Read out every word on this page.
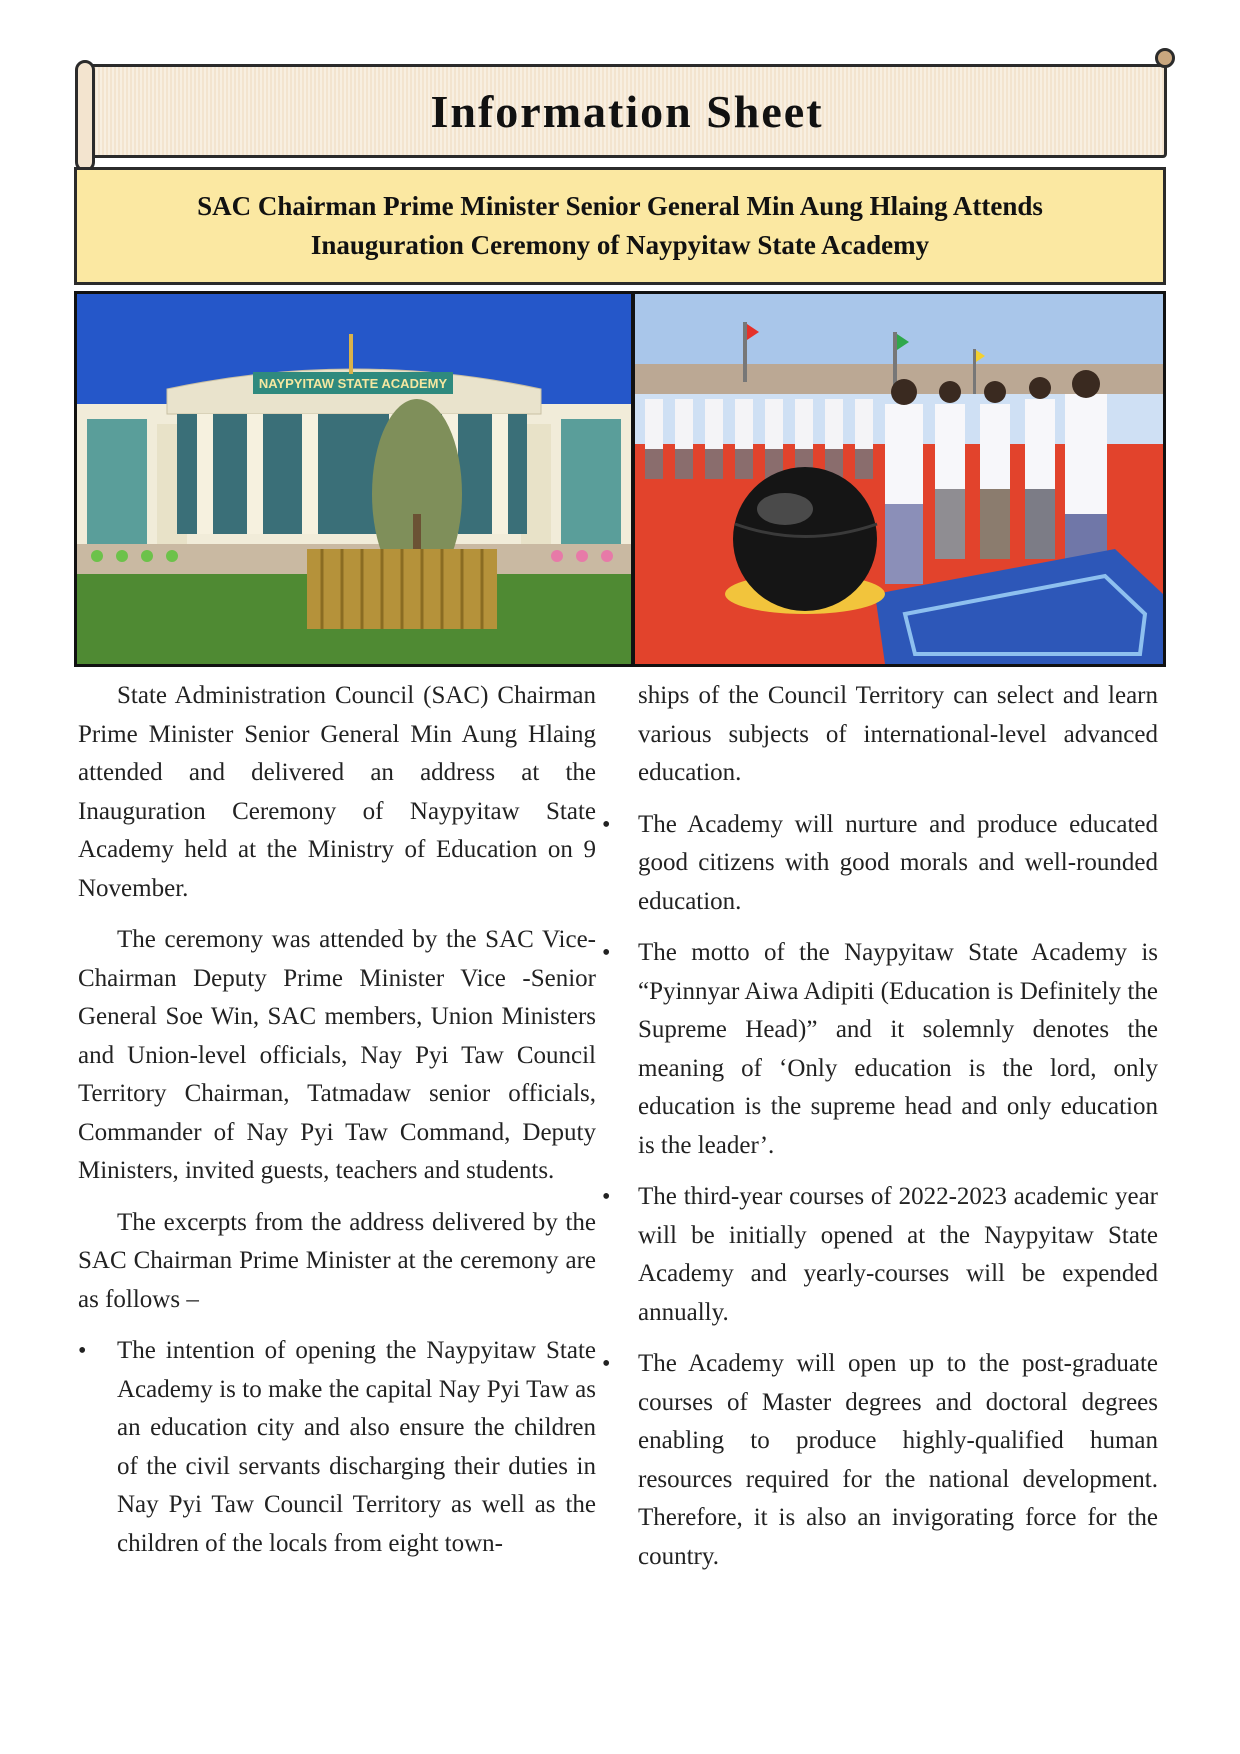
Information Sheet
SAC Chairman Prime Minister Senior General Min Aung Hlaing Attends
Inauguration Ceremony of Naypyitaw State Academy
NAYPYITAW STATE ACADEMY

State Administration Council (SAC) Chairman Prime Minister Senior General Min Aung Hlaing attended and delivered an address at the Inauguration Ceremony of Naypyitaw State Academy held at the Ministry of Education on 9 November.

The ceremony was attended by the SAC Vice-Chairman Deputy Prime Minister Vice -Senior General Soe Win, SAC members, Union Ministers and Union-level officials, Nay Pyi Taw Council Territory Chairman, Tatmadaw senior officials, Commander of Nay Pyi Taw Command, Deputy Ministers, invited guests, teachers and students.

The excerpts from the address delivered by the SAC Chairman Prime Minister at the ceremony are as follows –

•	The intention of opening the Naypyitaw State Academy is to make the capital Nay Pyi Taw as an education city and also ensure the children of the civil servants discharging their duties in Nay Pyi Taw Council Territory as well as the children of the locals from eight town-

ships of the Council Territory can select and learn various subjects of international-level advanced education.

•	The Academy will nurture and produce educated good citizens with good morals and well-rounded education.
•	The motto of the Naypyitaw State Academy is “Pyinnyar Aiwa Adipiti (Education is Definitely the Supreme Head)” and it solemnly denotes the meaning of ‘Only education is the lord, only education is the supreme head and only education is the leader’.
•	The third-year courses of 2022-2023 academic year will be initially opened at the Naypyitaw State Academy and yearly-courses will be expended annually.
•	The Academy will open up to the post-graduate courses of Master degrees and doctoral degrees enabling to produce highly-qualified human resources required for the national development. Therefore, it is also an invigorating force for the country.
